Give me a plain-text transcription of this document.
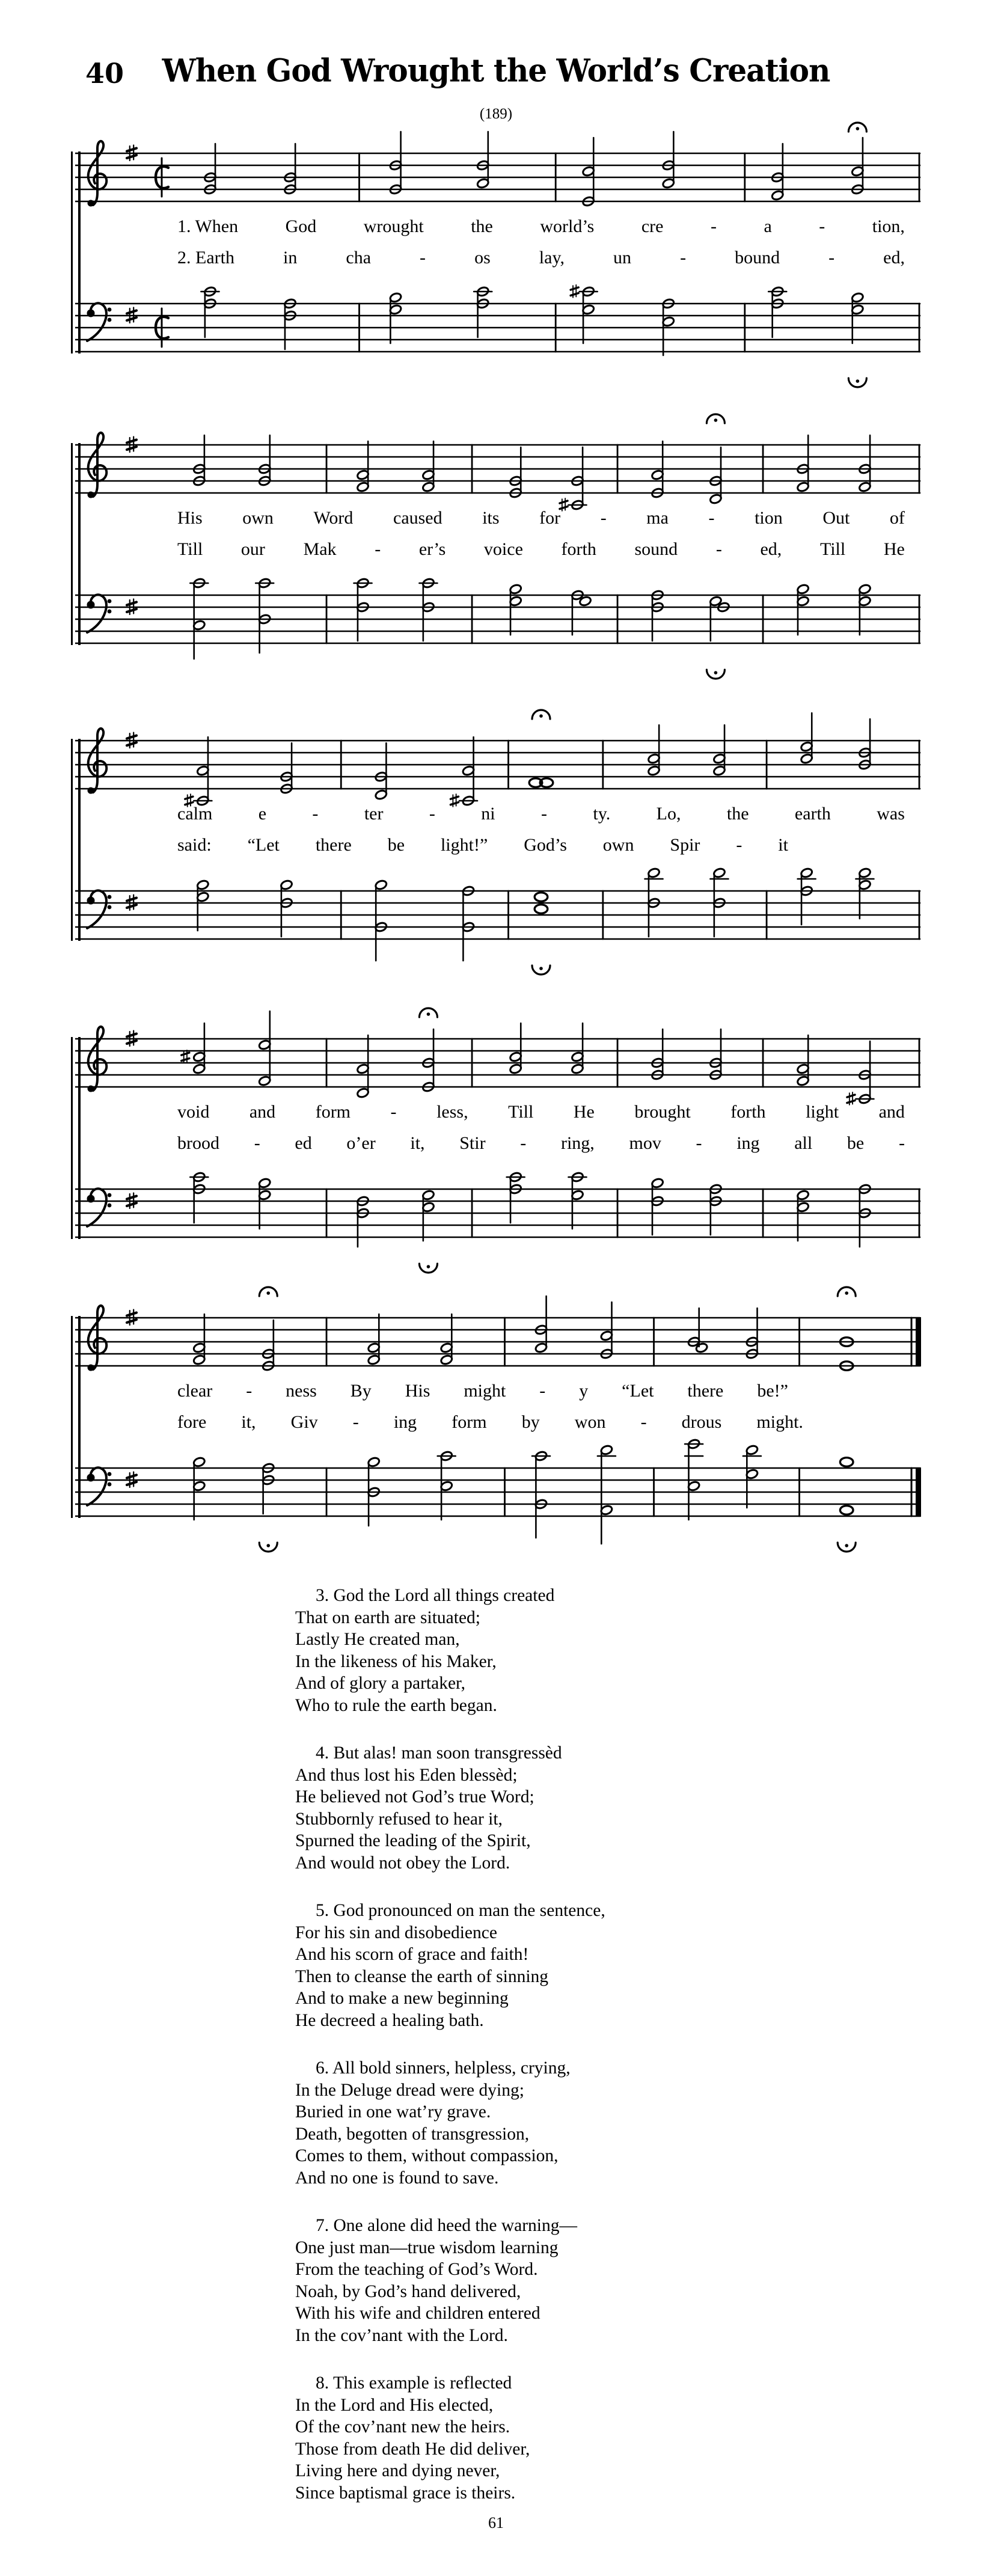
40	When God Wrought the World’s Creation
(189)
1. When	God	wrought	the	world’s	cre	-	a	-	tion,
2. Earth	in	cha	-	os	lay,	un	-	bound	-	ed,
His own Word caused its for - ma - tion Out of
Till our Mak - er’s voice forth sound - ed, Till He
calm	e	-	ter	-	ni	-	ty.	Lo,	the	earth	was
said: “Let there be light!” God’s own Spir - it
void and form - less, Till He brought forth light and
brood - ed o’er it, Stir - ring, mov - ing all be -
clear - ness By His might - y “Let there be!”
fore it, Giv - ing form by won - drous might.
3. God the Lord all things created
That on earth are situated;
Lastly He created man,
In the likeness of his Maker,
And of glory a partaker,
Who to rule the earth began.
4. But alas! man soon transgressèd
And thus lost his Eden blessèd;
He believed not God’s true Word;
Stubbornly refused to hear it,
Spurned the leading of the Spirit,
And would not obey the Lord.
5. God pronounced on man the sentence,
For his sin and disobedience
And his scorn of grace and faith!
Then to cleanse the earth of sinning
And to make a new beginning
He decreed a healing bath.
6. All bold sinners, helpless, crying,
In the Deluge dread were dying;
Buried in one wat’ry grave.
Death, begotten of transgression,
Comes to them, without compassion,
And no one is found to save.
7. One alone did heed the warning—
One just man—true wisdom learning
From the teaching of God’s Word.
Noah, by God’s hand delivered,
With his wife and children entered
In the cov’nant with the Lord.
8. This example is reflected
In the Lord and His elected,
Of the cov’nant new the heirs.
Those from death He did deliver,
Living here and dying never,
Since baptismal grace is theirs.
61
